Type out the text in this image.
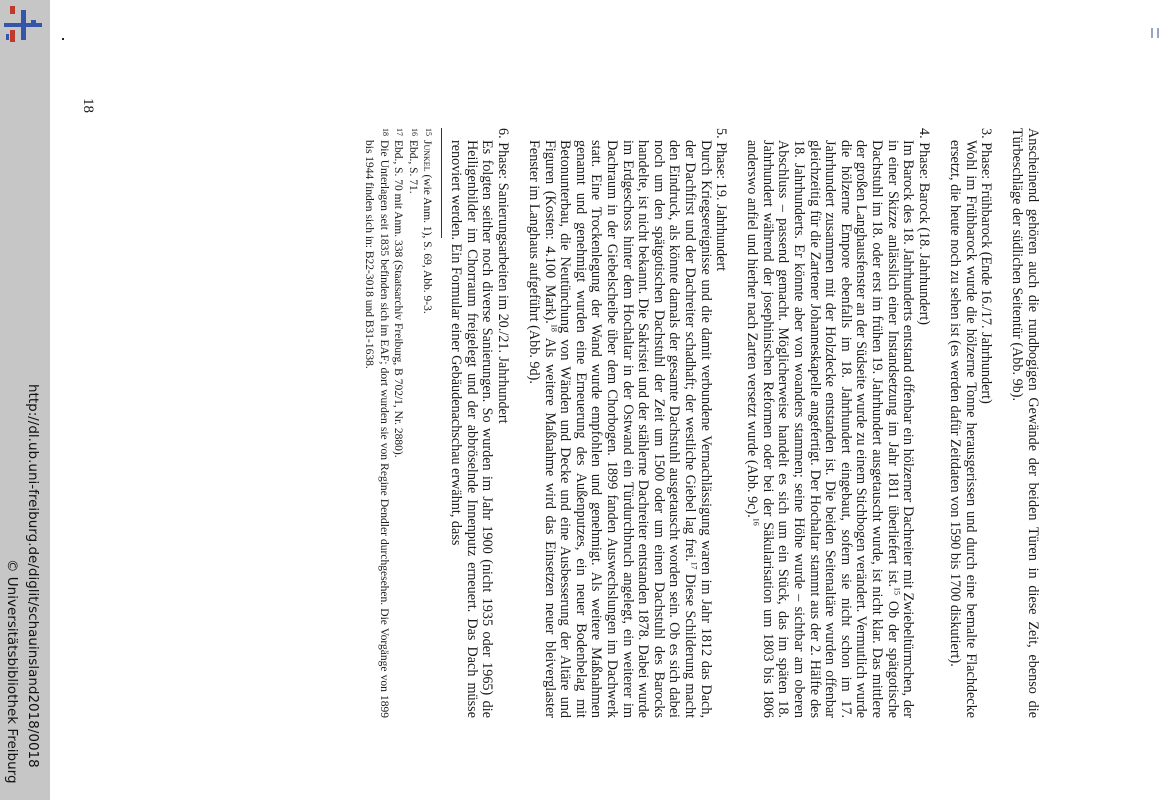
http://dl.ub.uni-freiburg.de/diglit/schauinsland2018/0018
© Universitätsbibliothek Freiburg	Anscheinend gehören auch die rundbogigen Gewände der beiden Türen in diese Zeit, ebenso die Türbeschläge der südlichen Seitentür (Abb. 9b).

3. Phase: Frühbarock (Ende 16./17. Jahrhundert)

Wohl im Frühbarock wurde die hölzerne Tonne herausgerissen und durch eine bemalte Flachdecke ersetzt, die heute noch zu sehen ist (es werden dafür Zeitdaten von 1590 bis 1700 diskutiert).

4. Phase: Barock (18. Jahrhundert)

Im Barock des 18. Jahrhunderts entstand offenbar ein hölzerner Dachreiter mit Zwiebeltürmchen, der in einer Skizze anlässlich einer Instandsetzung im Jahr 1811 überliefert ist.$^{15}$ Ob der spätgotische Dachstuhl im 18. oder erst im frühen 19. Jahrhundert ausgetauscht wurde, ist nicht klar. Das mittlere der großen Langhausfenster an der Südseite wurde zu einem Stichbogen verändert. Vermutlich wurde die hölzerne Empore ebenfalls im 18. Jahrhundert eingebaut, sofern sie nicht schon im 17. Jahrhundert zusammen mit der Holzdecke entstanden ist. Die beiden Seitenaltäre wurden offenbar gleichzeitig für die Zartener Johanneskapelle angefertigt. Der Hochaltar stammt aus der 2. Hälfte des 18. Jahrhunderts. Er könnte aber von woanders stammen; seine Höhe wurde – sichtbar am oberen Abschluss – passend gemacht. Möglicherweise handelt es sich um ein Stück, das im späten 18. Jahrhundert während der josephinischen Reformen oder bei der Säkularisation um 1803 bis 1806 anderswo anfiel und hierher nach Zarten versetzt wurde (Abb. 9c).$^{16}$

5. Phase: 19. Jahrhundert

Durch Kriegsereignisse und die damit verbundene Vernachlässigung waren im Jahr 1812 das Dach, der Dachfirst und der Dachreiter schadhaft; der westliche Giebel lag frei.$^{17}$ Diese Schilderung macht den Eindruck, als könnte damals der gesamte Dachstuhl ausgetauscht worden sein. Ob es sich dabei noch um den spätgotischen Dachstuhl der Zeit um 1500 oder um einen Dachstuhl des Barocks handelte, ist nicht bekannt. Die Sakristei und der stählerne Dachreiter entstanden 1878. Dabei wurde im Erdgeschoss hinter dem Hochaltar in der Ostwand ein Türdurchbruch angelegt, ein weiterer im Dachraum in der Giebelscheibe über dem Chorbogen. 1899 fanden Auswechslungen im Dachwerk statt. Eine Trockenlegung der Wand wurde empfohlen und genehmigt. Als weitere Maßnahmen genannt und genehmigt wurden eine Erneuerung des Außenputzes, ein neuer Bodenbelag mit Betonunterbau, die Neutünchung von Wänden und Decke und eine Ausbesserung der Altäre und Figuren (Kosten: 4.100 Mark).$^{18}$ Als weitere Maßnahme wird das Einsetzen neuer bleiverglaster Fenster im Langhaus aufgeführt (Abb. 9d).

6. Phase: Sanierungsarbeiten im 20./21. Jahrhundert

Es folgten seither noch diverse Sanierungen. So wurden im Jahr 1900 (nicht 1935 oder 1965) die Heiligenbilder im Chorraum freigelegt und der abbröselnde Innenputz erneuert. Das Dach müsse renoviert werden. Ein Formular einer Gebäudenachschau erwähnt, dass

15
Junkel (wie Anm. 1), S. 69, Abb. 9-3.
16
Ebd., S. 71.
17
Ebd., S. 70 mit Anm. 338 (Staatsarchiv Freiburg, B 702/1, Nr. 2880).
18
Die Unterlagen seit 1835 befinden sich im EAF; dort wurden sie von Regine Dendler durchgesehen. Die Vorgänge von 1899 bis 1944 finden sich in: B22-3018 und B31-1638.
18
